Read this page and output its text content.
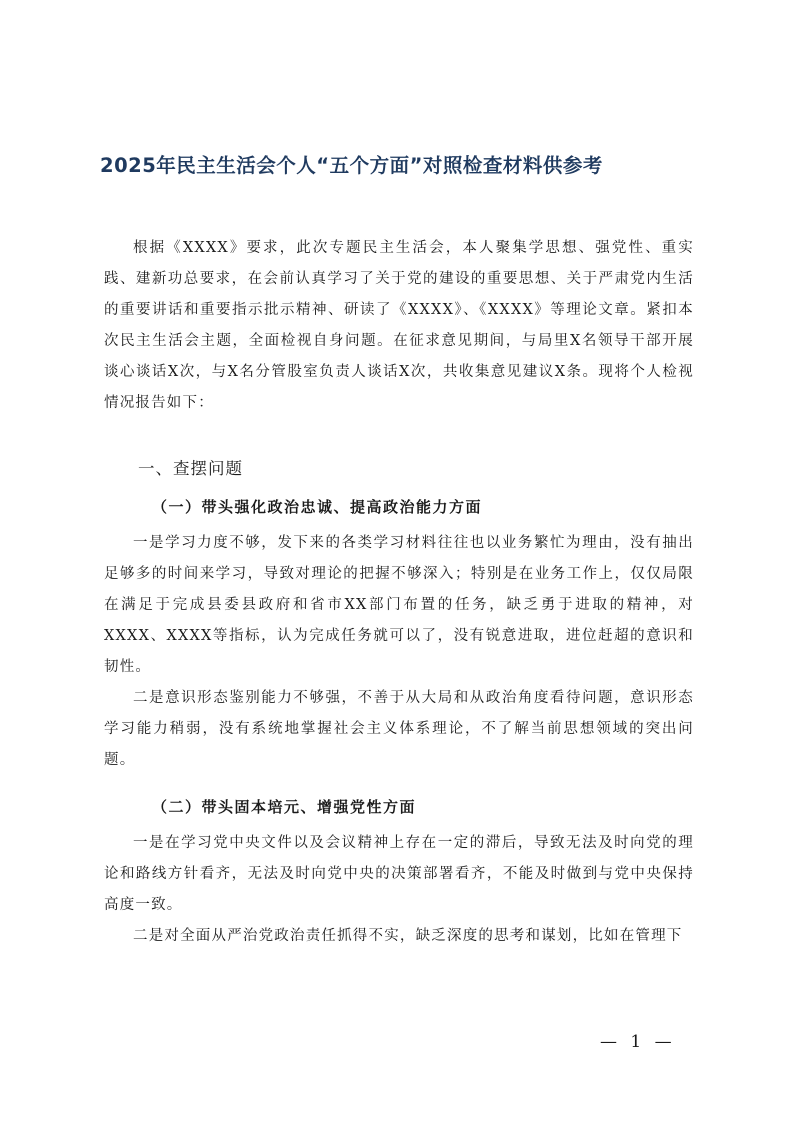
2025年民主生活会个人“五个方面”对照检查材料供参考

根据《XXXX》要求，此次专题民主生活会，本人聚集学思想、强党性、重实践、建新功总要求，在会前认真学习了关于党的建设的重要思想、关于严肃党内生活的重要讲话和重要指示批示精神、研读了《XXXX》、《XXXX》等理论文章。紧扣本次民主生活会主题，全面检视自身问题。在征求意见期间，与局里X名领导干部开展谈心谈话X次，与X名分管股室负责人谈话X次，共收集意见建议X条。现将个人检视情况报告如下：

一、查摆问题
（一）带头强化政治忠诚、提高政治能力方面

一是学习力度不够，发下来的各类学习材料往往也以业务繁忙为理由，没有抽出足够多的时间来学习，导致对理论的把握不够深入；特别是在业务工作上，仅仅局限在满足于完成县委县政府和省市XX部门布置的任务，缺乏勇于进取的精神，对XXXX、XXXX等指标，认为完成任务就可以了，没有锐意进取，进位赶超的意识和韧性。

二是意识形态鉴别能力不够强，不善于从大局和从政治角度看待问题，意识形态学习能力稍弱，没有系统地掌握社会主义体系理论，不了解当前思想领域的突出问题。

（二）带头固本培元、增强党性方面

一是在学习党中央文件以及会议精神上存在一定的滞后，导致无法及时向党的理论和路线方针看齐，无法及时向党中央的决策部署看齐，不能及时做到与党中央保持高度一致。

二是对全面从严治党政治责任抓得不实，缺乏深度的思考和谋划，比如在管理下

— 1 —
